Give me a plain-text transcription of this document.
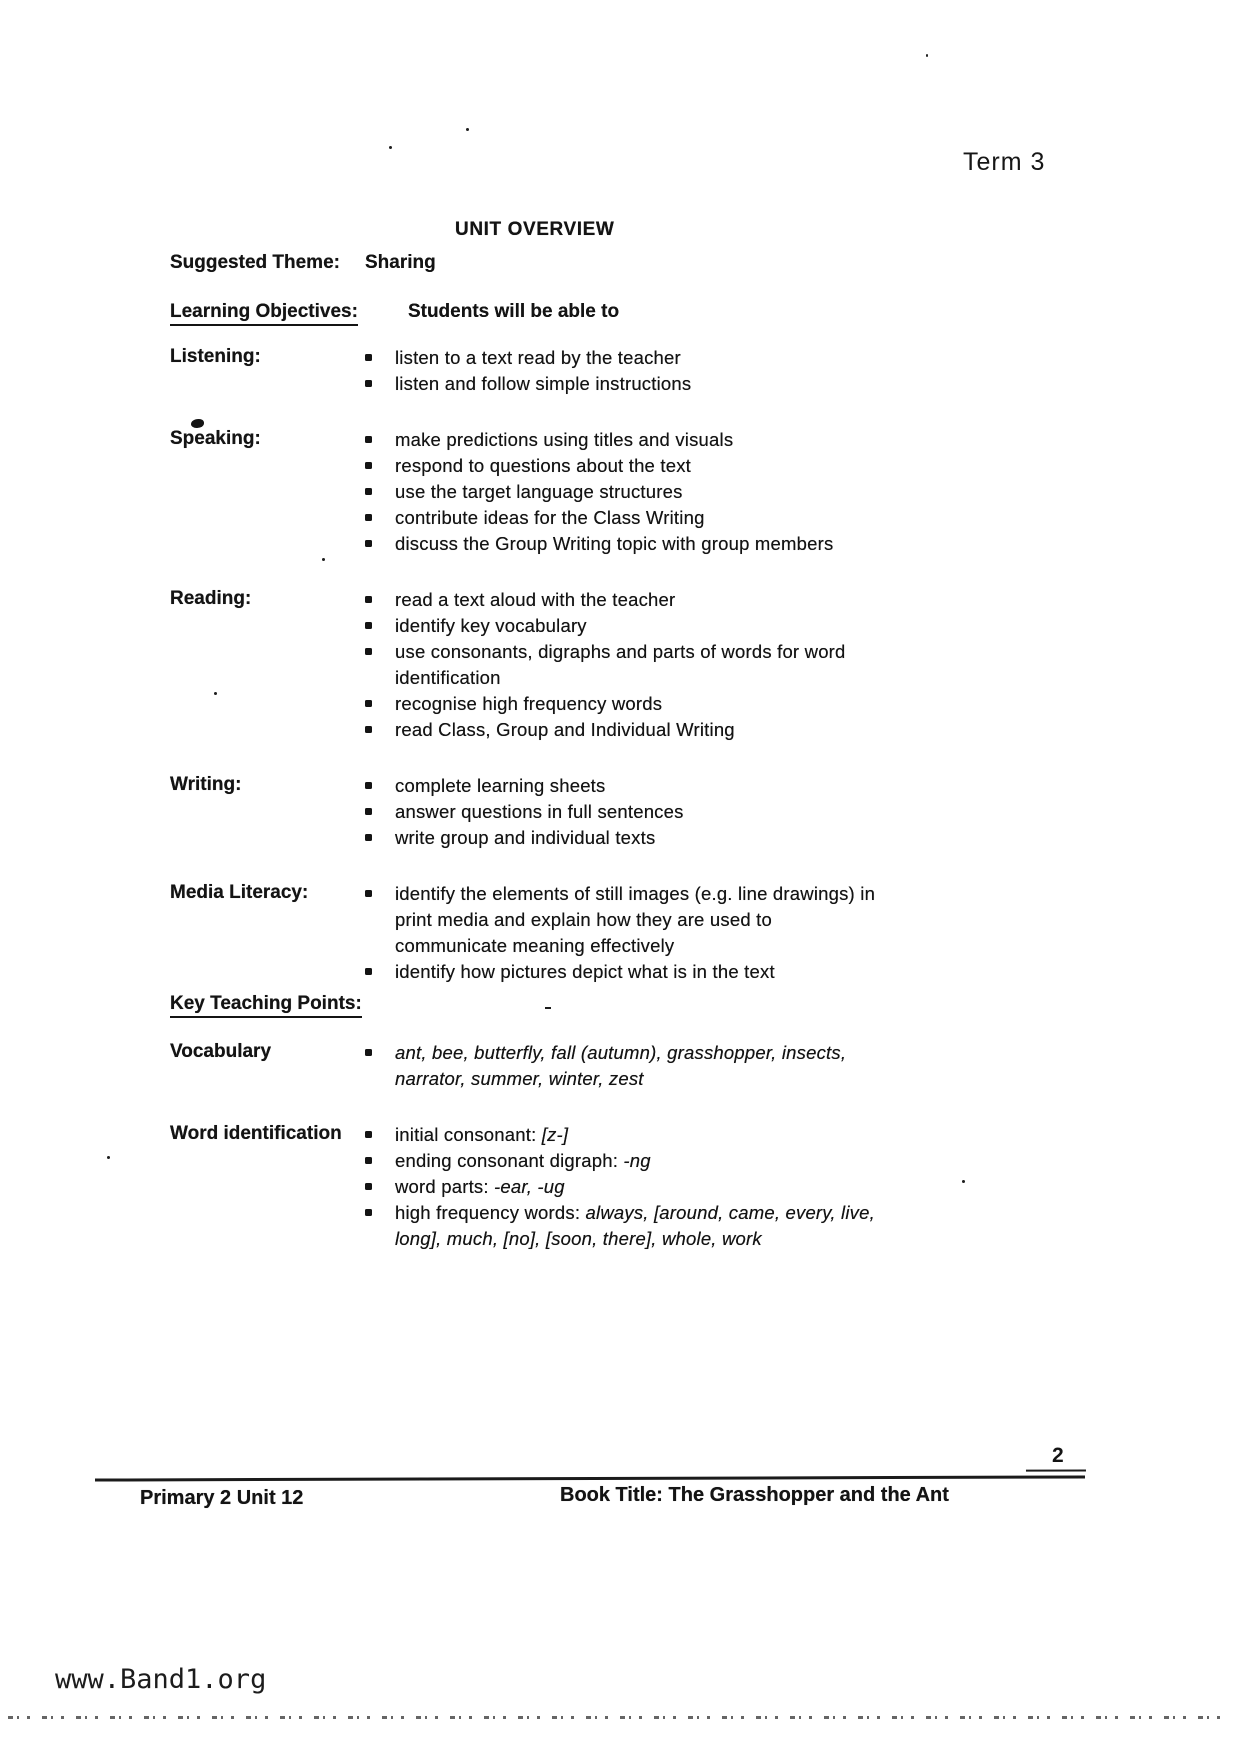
Term 3
UNIT OVERVIEW
Suggested Theme:	Sharing
Learning Objectives:	Students will be able to
Listening:	listen to a text read by the teacher
listen and follow simple instructions
Speaking:	make predictions using titles and visuals
respond to questions about the text
use the target language structures
contribute ideas for the Class Writing
discuss the Group Writing topic with group members
Reading:	read a text aloud with the teacher
identify key vocabulary
use consonants, digraphs and parts of words for word identification
recognise high frequency words
read Class, Group and Individual Writing
Writing:	complete learning sheets
answer questions in full sentences
write group and individual texts
Media Literacy:	identify the elements of still images (e.g. line drawings) in print media and explain how they are used to communicate meaning effectively
identify how pictures depict what is in the text
Key Teaching Points:
Vocabulary	ant, bee, butterfly, fall (autumn), grasshopper, insects, narrator, summer, winter, zest
Word identification	initial consonant: [z-]
ending consonant digraph: -ng
word parts: -ear, -ug
high frequency words: always, [around, came, every, live, long], much, [no], [soon, there], whole, work
2
Primary 2 Unit 12	Book Title: The Grasshopper and the Ant
www.Band1.org
